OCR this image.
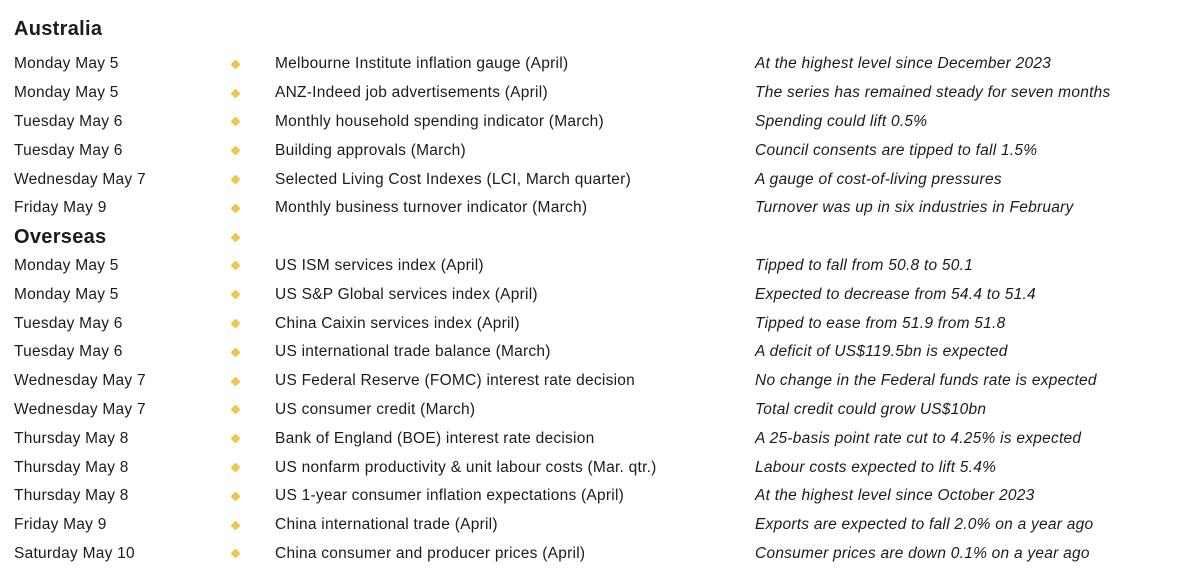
Australia
Monday May 5	Melbourne Institute inflation gauge (April)	At the highest level since December 2023
Monday May 5	ANZ-Indeed job advertisements (April)	The series has remained steady for seven months
Tuesday May 6	Monthly household spending indicator (March)	Spending could lift 0.5%
Tuesday May 6	Building approvals (March)	Council consents are tipped to fall 1.5%
Wednesday May 7	Selected Living Cost Indexes (LCI, March quarter)	A gauge of cost-of-living pressures
Friday May 9	Monthly business turnover indicator (March)	Turnover was up in six industries in February
Overseas
Monday May 5	US ISM services index (April)	Tipped to fall from 50.8 to 50.1
Monday May 5	US S&P Global services index (April)	Expected to decrease from 54.4 to 51.4
Tuesday May 6	China Caixin services index (April)	Tipped to ease from 51.9 from 51.8
Tuesday May 6	US international trade balance (March)	A deficit of US$119.5bn is expected
Wednesday May 7	US Federal Reserve (FOMC) interest rate decision	No change in the Federal funds rate is expected
Wednesday May 7	US consumer credit (March)	Total credit could grow US$10bn
Thursday May 8	Bank of England (BOE) interest rate decision	A 25-basis point rate cut to 4.25% is expected
Thursday May 8	US nonfarm productivity & unit labour costs (Mar. qtr.)	Labour costs expected to lift 5.4%
Thursday May 8	US 1-year consumer inflation expectations (April)	At the highest level since October 2023
Friday May 9	China international trade (April)	Exports are expected to fall 2.0% on a year ago
Saturday May 10	China consumer and producer prices (April)	Consumer prices are down 0.1% on a year ago
